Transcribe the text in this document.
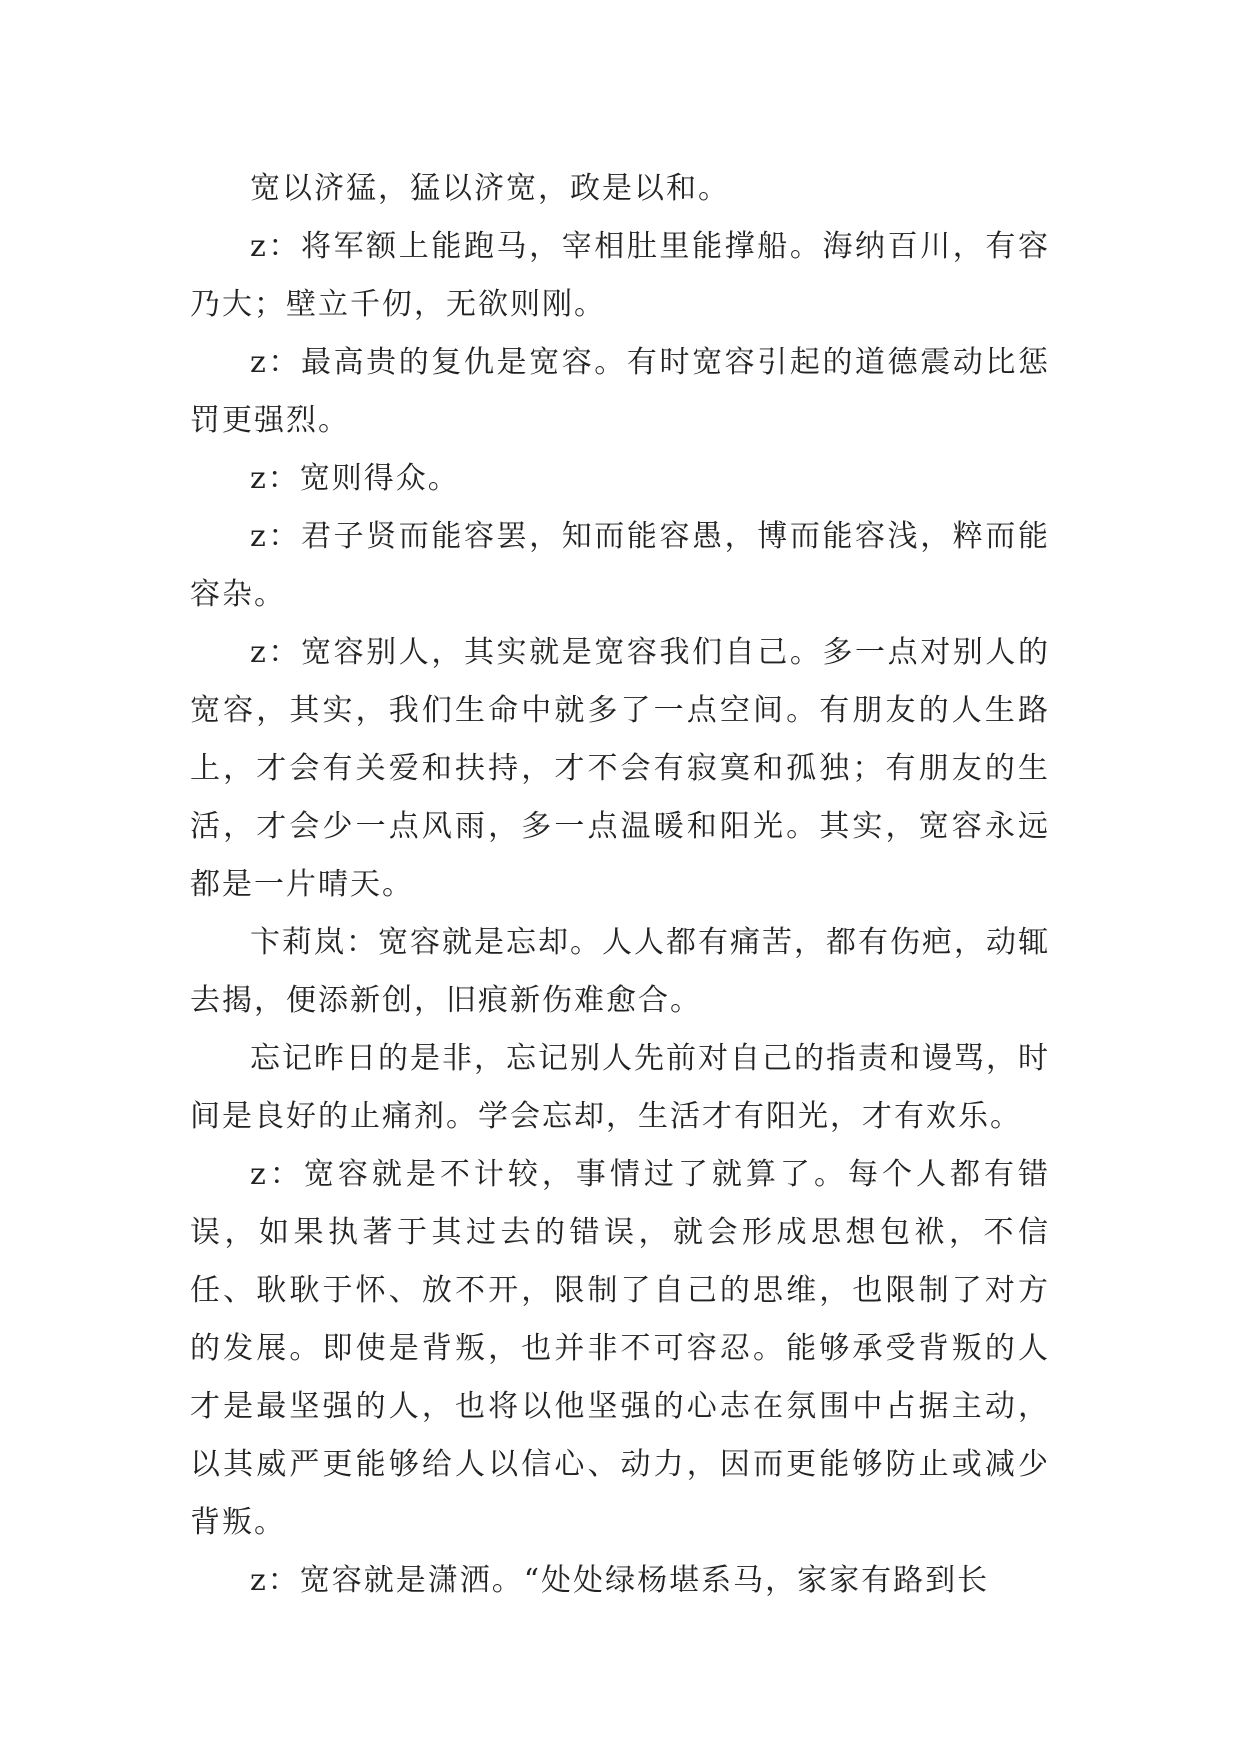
宽以济猛，猛以济宽，政是以和。

z：将军额上能跑马，宰相肚里能撑船。海纳百川，有容乃大；壁立千仞，无欲则刚。

z：最高贵的复仇是宽容。有时宽容引起的道德震动比惩罚更强烈。

z：宽则得众。

z：君子贤而能容罢，知而能容愚，博而能容浅，粹而能容杂。

z：宽容别人，其实就是宽容我们自己。多一点对别人的宽容，其实，我们生命中就多了一点空间。有朋友的人生路上，才会有关爱和扶持，才不会有寂寞和孤独；有朋友的生活，才会少一点风雨，多一点温暖和阳光。其实，宽容永远都是一片晴天。

卞莉岚：宽容就是忘却。人人都有痛苦，都有伤疤，动辄去揭，便添新创，旧痕新伤难愈合。

忘记昨日的是非，忘记别人先前对自己的指责和谩骂，时间是良好的止痛剂。学会忘却，生活才有阳光，才有欢乐。

z：宽容就是不计较，事情过了就算了。每个人都有错误，如果执著于其过去的错误，就会形成思想包袱，不信任、耿耿于怀、放不开，限制了自己的思维，也限制了对方的发展。即使是背叛，也并非不可容忍。能够承受背叛的人才是最坚强的人，也将以他坚强的心志在氛围中占据主动，以其威严更能够给人以信心、动力，因而更能够防止或减少背叛。

z：宽容就是潇洒。“处处绿杨堪系马，家家有路到长
